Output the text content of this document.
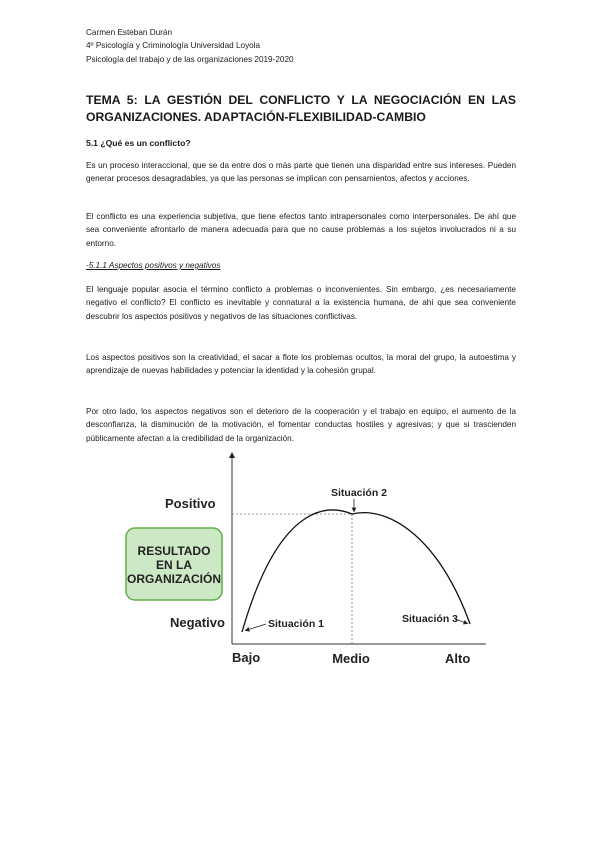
Carmen Esteban Durán
4º Psicología y Criminología Universidad Loyola
Psicología del trabajo y de las organizaciones 2019-2020
TEMA 5: LA GESTIÓN DEL CONFLICTO Y LA NEGOCIACIÓN EN LAS ORGANIZACIONES. ADAPTACIÓN-FLEXIBILIDAD-CAMBIO
5.1 ¿Qué es un conflicto?
Es un proceso interaccional, que se da entre dos o más parte que tienen una disparidad entre sus intereses. Pueden generar procesos desagradables, ya que las personas se implican con pensamientos, afectos y acciones.
El conflicto es una experiencia subjetiva, que tiene efectos tanto intrapersonales como interpersonales. De ahí que sea conveniente afrontarlo de manera adecuada para que no cause problemas a los sujetos involucrados ni a su entorno.
-5.1.1 Aspectos positivos y negativos
El lenguaje popular asocia el término conflicto a problemas o inconvenientes. Sin embargo, ¿es necesariamente negativo el conflicto? El conflicto es inevitable y connatural a la existencia humana, de ahí que sea conveniente descubrir los aspectos positivos y negativos de las situaciones conflictivas.
Los aspectos positivos son la creatividad, el sacar a flote los problemas ocultos, la moral del grupo, la autoestima y aprendizaje de nuevas habilidades y potenciar la identidad y la cohesión grupal.
Por otro lado, los aspectos negativos son el deterioro de la cooperación y el trabajo en equipo, el aumento de la desconfianza, la disminución de la motivación, el fomentar conductas hostiles y agresivas; y que si trascienden públicamente afectan a la credibilidad de la organización.
Positivo
Negativo
RESULTADO
EN LA
ORGANIZACIÓN
Situación 2
Situación 1	Situación 3
Bajo	Medio	Alto
